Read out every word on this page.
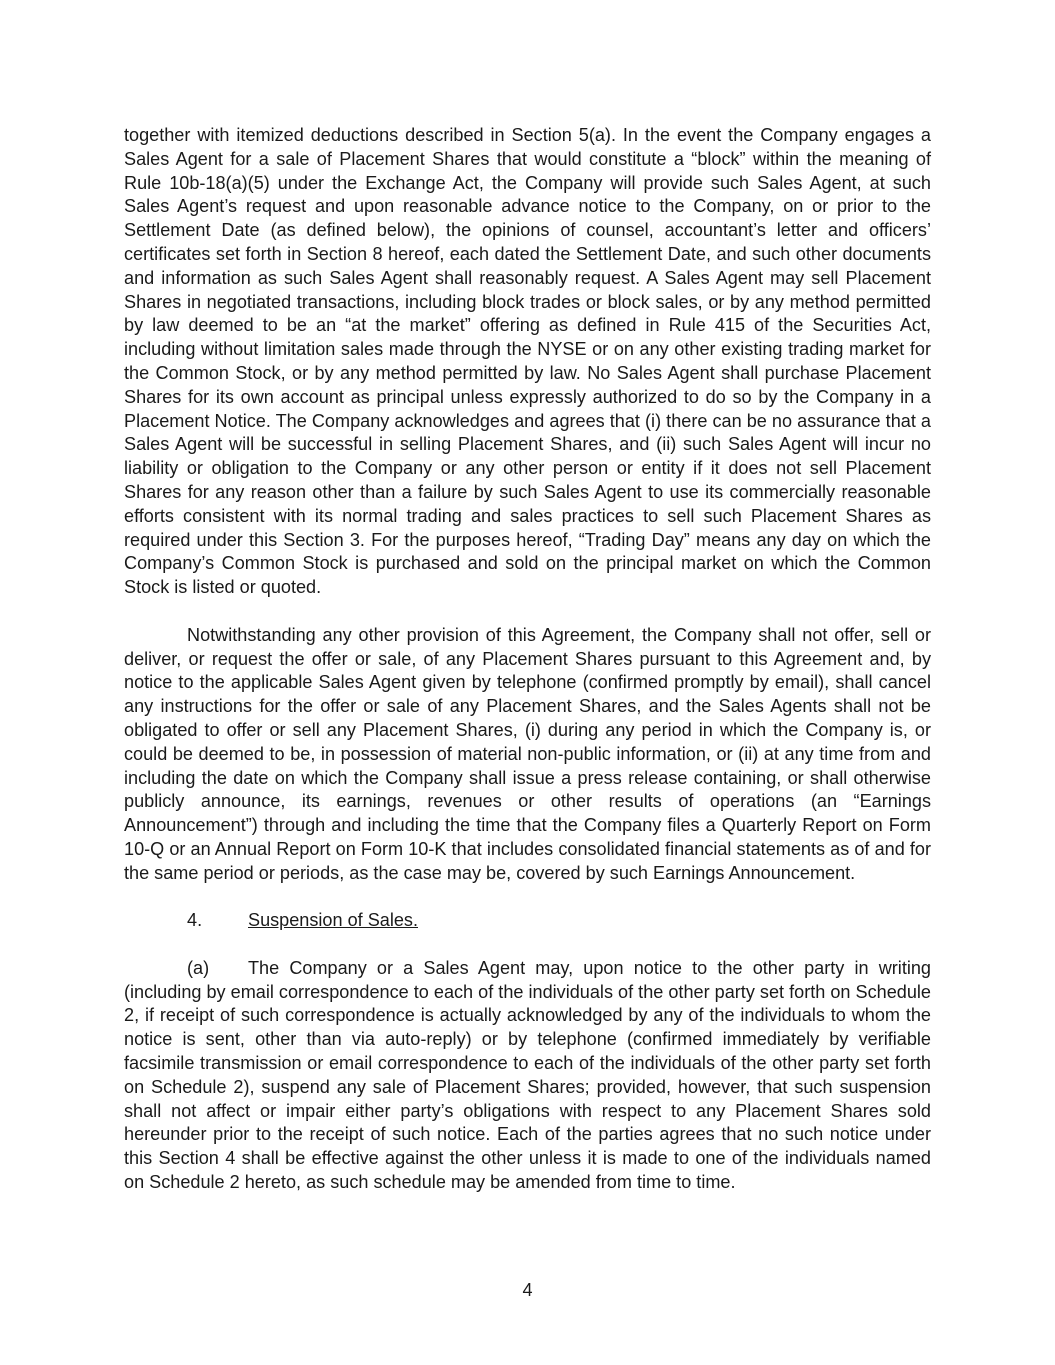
together with itemized deductions described in Section 5(a). In the event the Company engages a Sales Agent for a sale of Placement Shares that would constitute a “block” within the meaning of Rule 10b-18(a)(5) under the Exchange Act, the Company will provide such Sales Agent, at such Sales Agent’s request and upon reasonable advance notice to the Company, on or prior to the Settlement Date (as defined below), the opinions of counsel, accountant’s letter and officers’ certificates set forth in Section 8 hereof, each dated the Settlement Date, and such other documents and information as such Sales Agent shall reasonably request. A Sales Agent may sell Placement Shares in negotiated transactions, including block trades or block sales, or by any method permitted by law deemed to be an “at the market” offering as defined in Rule 415 of the Securities Act, including without limitation sales made through the NYSE or on any other existing trading market for the Common Stock, or by any method permitted by law. No Sales Agent shall purchase Placement Shares for its own account as principal unless expressly authorized to do so by the Company in a Placement Notice. The Company acknowledges and agrees that (i) there can be no assurance that a Sales Agent will be successful in selling Placement Shares, and (ii) such Sales Agent will incur no liability or obligation to the Company or any other person or entity if it does not sell Placement Shares for any reason other than a failure by such Sales Agent to use its commercially reasonable efforts consistent with its normal trading and sales practices to sell such Placement Shares as required under this Section 3. For the purposes hereof, “Trading Day” means any day on which the Company’s Common Stock is purchased and sold on the principal market on which the Common Stock is listed or quoted.

Notwithstanding any other provision of this Agreement, the Company shall not offer, sell or deliver, or request the offer or sale, of any Placement Shares pursuant to this Agreement and, by notice to the applicable Sales Agent given by telephone (confirmed promptly by email), shall cancel any instructions for the offer or sale of any Placement Shares, and the Sales Agents shall not be obligated to offer or sell any Placement Shares, (i) during any period in which the Company is, or could be deemed to be, in possession of material non-public information, or (ii) at any time from and including the date on which the Company shall issue a press release containing, or shall otherwise publicly announce, its earnings, revenues or other results of operations (an “Earnings Announcement”) through and including the time that the Company files a Quarterly Report on Form 10-Q or an Annual Report on Form 10-K that includes consolidated financial statements as of and for the same period or periods, as the case may be, covered by such Earnings Announcement.

4.	Suspension of Sales.

(a) The Company or a Sales Agent may, upon notice to the other party in writing (including by email correspondence to each of the individuals of the other party set forth on Schedule 2, if receipt of such correspondence is actually acknowledged by any of the individuals to whom the notice is sent, other than via auto-reply) or by telephone (confirmed immediately by verifiable facsimile transmission or email correspondence to each of the individuals of the other party set forth on Schedule 2), suspend any sale of Placement Shares; provided, however, that such suspension shall not affect or impair either party’s obligations with respect to any Placement Shares sold hereunder prior to the receipt of such notice. Each of the parties agrees that no such notice under this Section 4 shall be effective against the other unless it is made to one of the individuals named on Schedule 2 hereto, as such schedule may be amended from time to time.

4
